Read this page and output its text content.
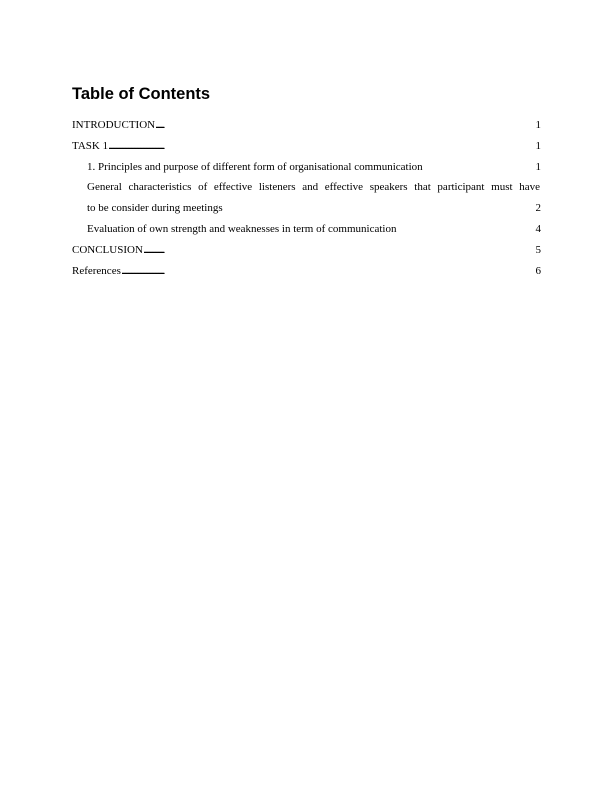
Table of Contents
. . .
INTRODUCTION	1
. . .
TASK 1	1
. . .
1. Principles and purpose of different form of organisational communication	1
General characteristics of effective listeners and effective speakers that participant must have
. . .
to be consider during meetings	2
. . .
Evaluation of own strength and weaknesses in term of communication	4
. . .
CONCLUSION	5
. . .
References	6
